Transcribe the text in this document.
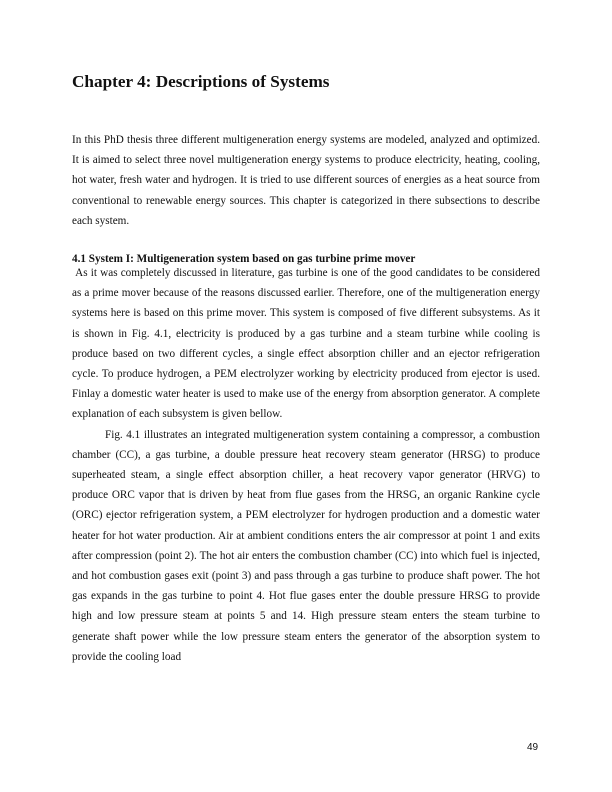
Chapter 4: Descriptions of Systems

In this PhD thesis three different multigeneration energy systems are modeled, analyzed and optimized. It is aimed to select three novel multigeneration energy systems to produce electricity, heating, cooling, hot water, fresh water and hydrogen. It is tried to use different sources of energies as a heat source from conventional to renewable energy sources. This chapter is categorized in there subsections to describe each system.

4.1 System I: Multigeneration system based on gas turbine prime mover

As it was completely discussed in literature, gas turbine is one of the good candidates to be considered as a prime mover because of the reasons discussed earlier. Therefore, one of the multigeneration energy systems here is based on this prime mover. This system is composed of five different subsystems. As it is shown in Fig. 4.1, electricity is produced by a gas turbine and a steam turbine while cooling is produce based on two different cycles, a single effect absorption chiller and an ejector refrigeration cycle. To produce hydrogen, a PEM electrolyzer working by electricity produced from ejector is used. Finlay a domestic water heater is used to make use of the energy from absorption generator. A complete explanation of each subsystem is given bellow.

Fig. 4.1 illustrates an integrated multigeneration system containing a compressor, a combustion chamber (CC), a gas turbine, a double pressure heat recovery steam generator (HRSG) to produce superheated steam, a single effect absorption chiller, a heat recovery vapor generator (HRVG) to produce ORC vapor that is driven by heat from flue gases from the HRSG, an organic Rankine cycle (ORC) ejector refrigeration system, a PEM electrolyzer for hydrogen production and a domestic water heater for hot water production. Air at ambient conditions enters the air compressor at point 1 and exits after compression (point 2). The hot air enters the combustion chamber (CC) into which fuel is injected, and hot combustion gases exit (point 3) and pass through a gas turbine to produce shaft power. The hot gas expands in the gas turbine to point 4. Hot flue gases enter the double pressure HRSG to provide high and low pressure steam at points 5 and 14. High pressure steam enters the steam turbine to generate shaft power while the low pressure steam enters the generator of the absorption system to provide the cooling load

49
